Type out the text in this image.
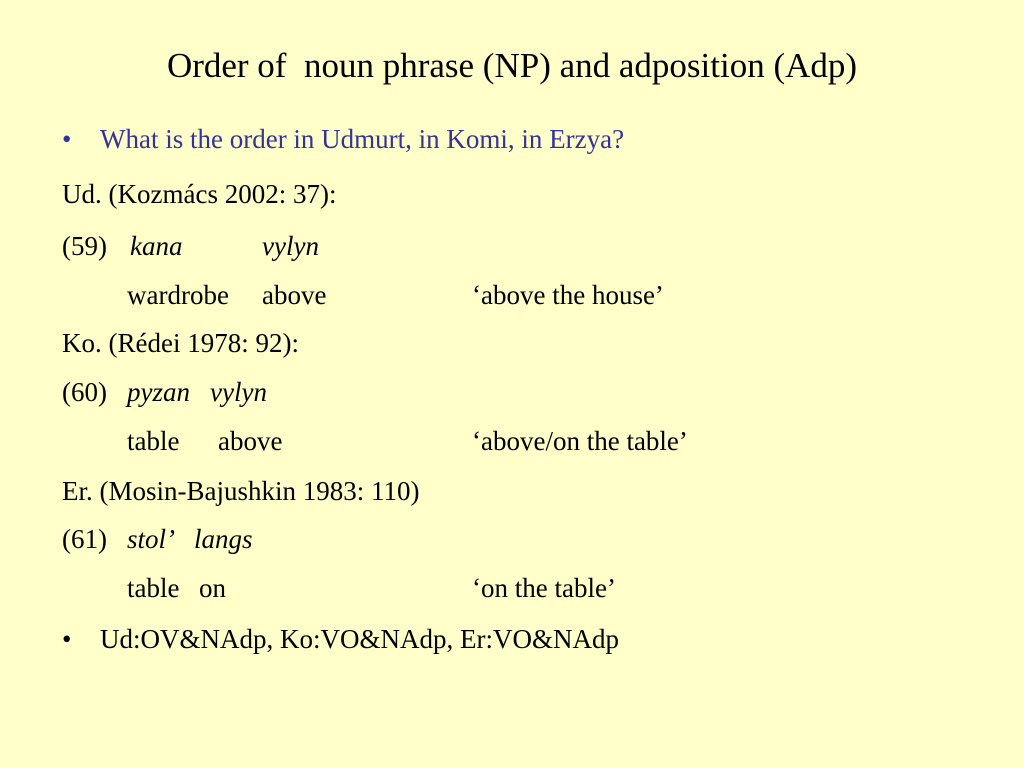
Order of  noun phrase (NP) and adposition (Adp)
• What is the order in Udmurt, in Komi, in Erzya?
Ud. (Kozmács 2002: 37):
(59) kana	vylyn
wardrobe above	‘above the house’
Ko. (Rédei 1978: 92):
(60) pyzan vylyn
table above	‘above/on the table’
Er. (Mosin-Bajushkin 1983: 110)
(61) stol’ langs
table on	‘on the table’
• Ud:OV&NAdp, Ko:VO&NAdp, Er:VO&NAdp
